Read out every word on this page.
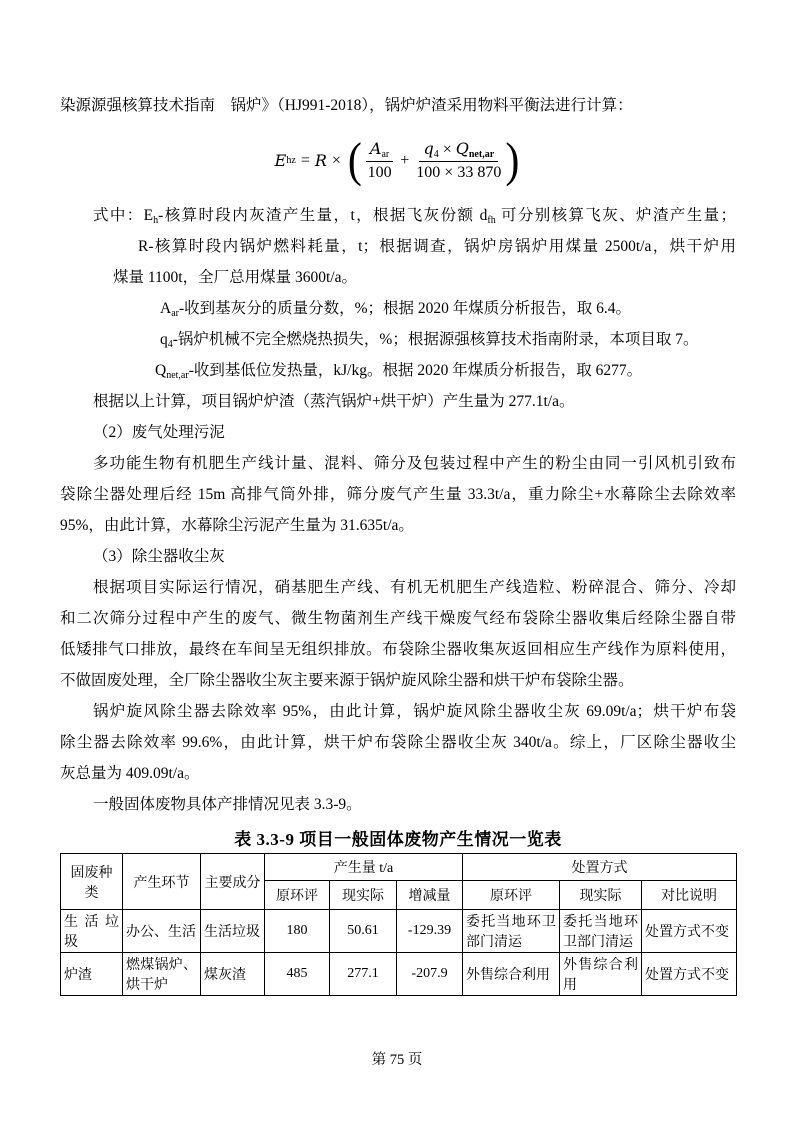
染源源强核算技术指南　锅炉》（HJ991-2018），锅炉炉渣采用物料平衡法进行计算：

E hz = R × ( $\frac{A_{ar}}{100} + \frac{q_4 \times Q_{net,ar}}{100 \times 33 870}$ )

式中：$E_h-$核算时段内灰渣产生量，t，根据飞灰份额 $d_{fh}$ 可分别核算飞灰、炉渣产生量；

R-核算时段内锅炉燃料耗量，t；根据调查，锅炉房锅炉用煤量 2500t/a，烘干炉用

煤量 1100t，全厂总用煤量 3600t/a。

$A_{ar}-$收到基灰分的质量分数，%；根据 2020 年煤质分析报告，取 6.4。

$q_4-$锅炉机械不完全燃烧热损失，%；根据源强核算技术指南附录，本项目取 7。

$Q_{net,ar}-$收到基低位发热量，kJ/kg。根据 2020 年煤质分析报告，取 6277。

根据以上计算，项目锅炉炉渣（蒸汽锅炉+烘干炉）产生量为 277.1t/a。

（2）废气处理污泥

多功能生物有机肥生产线计量、混料、筛分及包装过程中产生的粉尘由同一引风机引致布

袋除尘器处理后经 15m 高排气筒外排，筛分废气产生量 33.3t/a，重力除尘+水幕除尘去除效率

95%，由此计算，水幕除尘污泥产生量为 31.635t/a。

（3）除尘器收尘灰

根据项目实际运行情况，硝基肥生产线、有机无机肥生产线造粒、粉碎混合、筛分、冷却

和二次筛分过程中产生的废气、微生物菌剂生产线干燥废气经布袋除尘器收集后经除尘器自带

低矮排气口排放，最终在车间呈无组织排放。布袋除尘器收集灰返回相应生产线作为原料使用，

不做固废处理，全厂除尘器收尘灰主要来源于锅炉旋风除尘器和烘干炉布袋除尘器。

锅炉旋风除尘器去除效率 95%，由此计算，锅炉旋风除尘器收尘灰 69.09t/a；烘干炉布袋

除尘器去除效率 99.6%，由此计算，烘干炉布袋除尘器收尘灰 340t/a。综上，厂区除尘器收尘

灰总量为 409.09t/a。

一般固体废物具体产排情况见表 3.3-9。

表 3.3-9 项目一般固体废物产生情况一览表
固废种类	产生环节	主要成分	产生量 t/a			处置方式		
			原环评	现实际	增减量	原环评	现实际	对比说明
生活垃圾	办公、生活	生活垃圾	180	50.61	-129.39	委托当地环卫部门清运	委托当地环卫部门清运	处置方式不变
炉渣	燃煤锅炉、烘干炉	煤灰渣	485	277.1	-207.9	外售综合利用	外售综合利用	处置方式不变
第 75 页
